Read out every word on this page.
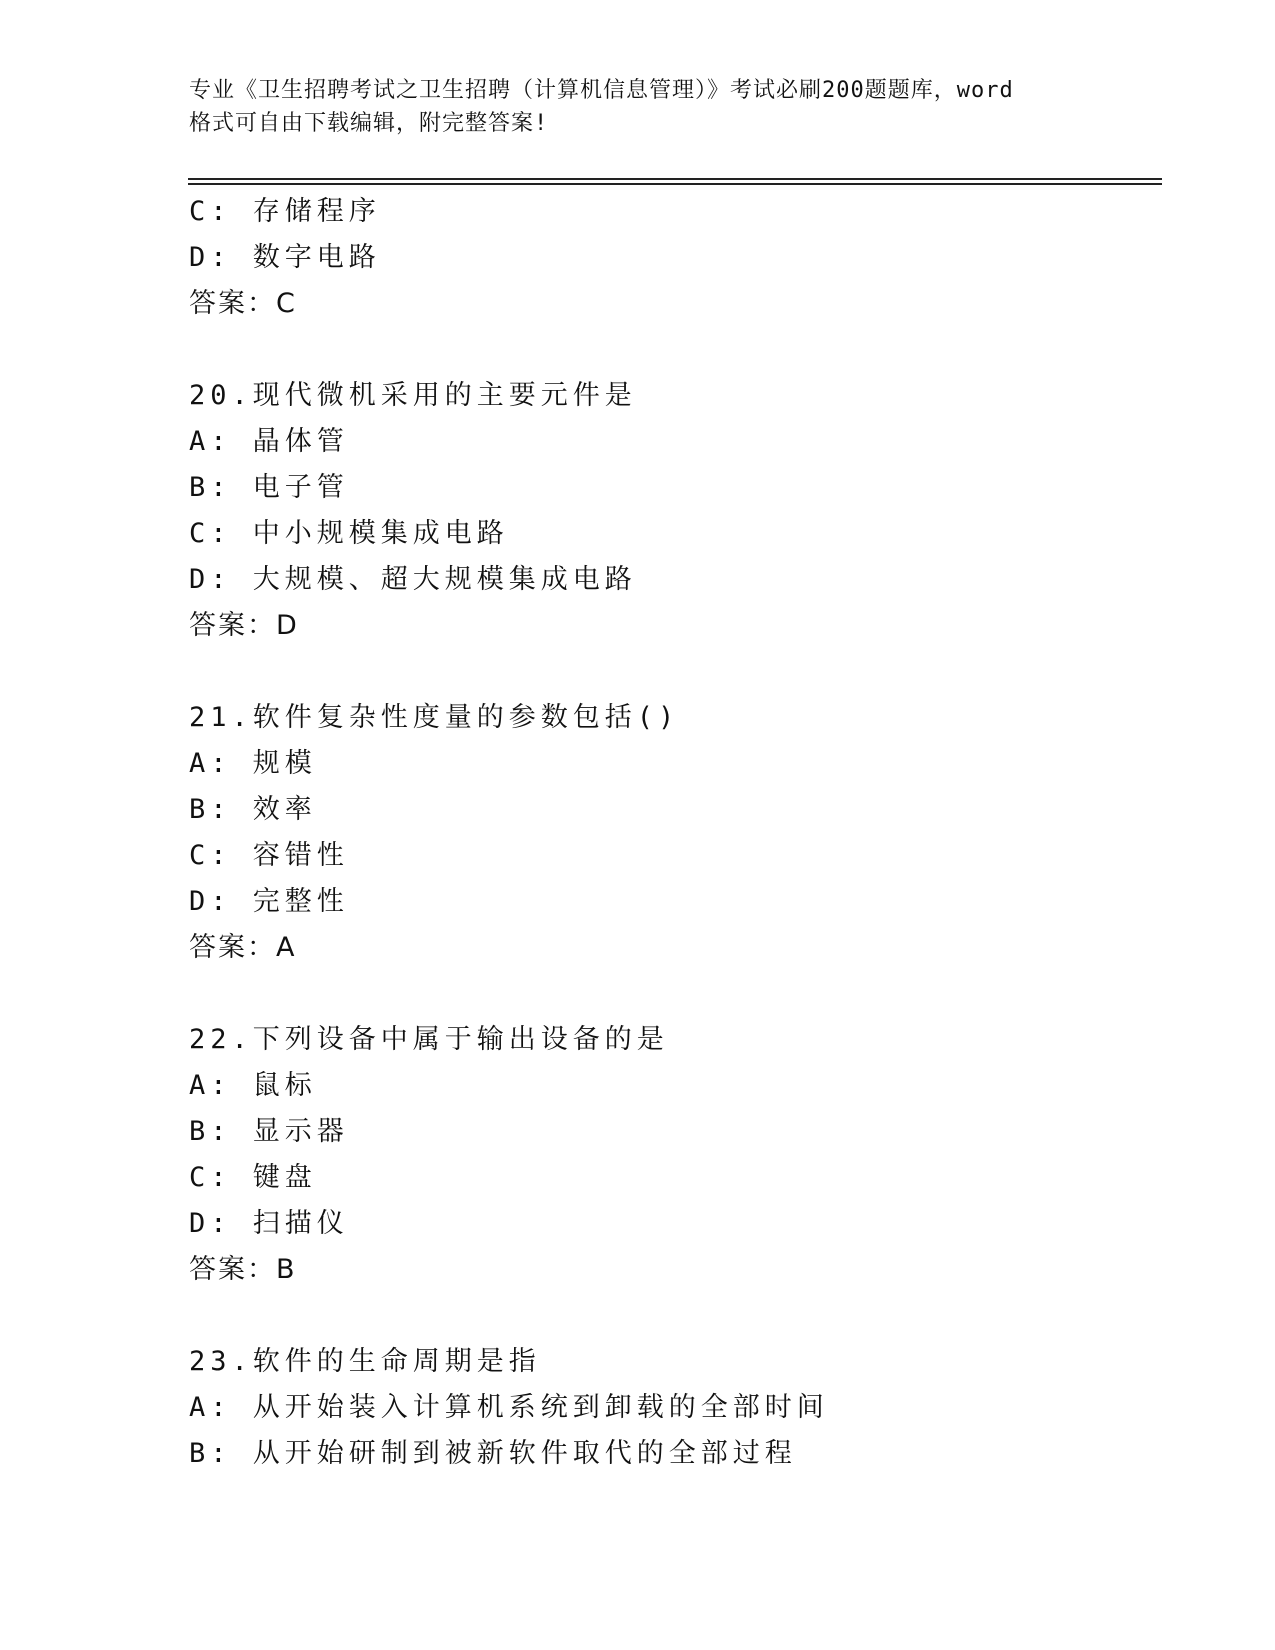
专业《卫生招聘考试之卫生招聘（计算机信息管理）》考试必刷200题题库，word
格式可自由下载编辑，附完整答案!
C: 存储程序
D: 数字电路
答案：C
20.现代微机采用的主要元件是
A: 晶体管
B: 电子管
C: 中小规模集成电路
D: 大规模、超大规模集成电路
答案：D
21.软件复杂性度量的参数包括()
A: 规模
B: 效率
C: 容错性
D: 完整性
答案：A
22.下列设备中属于输出设备的是
A: 鼠标
B: 显示器
C: 键盘
D: 扫描仪
答案：B
23.软件的生命周期是指
A: 从开始装入计算机系统到卸载的全部时间
B: 从开始研制到被新软件取代的全部过程
